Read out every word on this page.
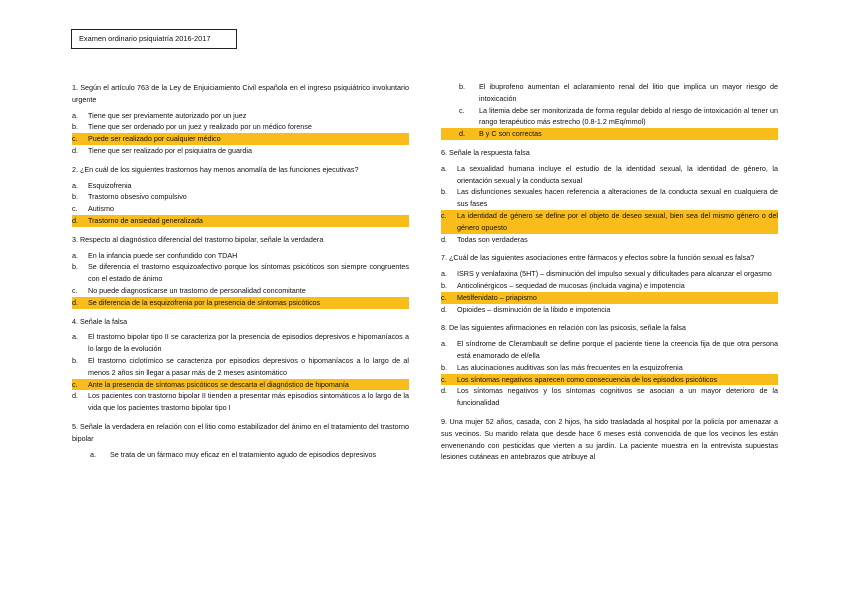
Examen ordinario psiquiatría 2016-2017
1. Según el artículo 763 de la Ley de Enjuiciamiento Civil española en el ingreso psiquiátrico involuntario urgente
a.	Tiene que ser previamente autorizado por un juez
b.	Tiene que ser ordenado por un juez y realizado por un médico forense
c.	Puede ser realizado por cualquier médico
d.	Tiene que ser realizado por el psiquiatra de guardia
2. ¿En cuál de los siguientes trastornos hay menos anomalía de las funciones ejecutivas?
a.	Esquizofrenia
b.	Trastorno obsesivo compulsivo
c.	Autismo
d.	Trastorno de ansiedad generalizada
3. Respecto al diagnóstico diferencial del trastorno bipolar, señale la verdadera
a.	En la infancia puede ser confundido con TDAH
b.	Se diferencia el trastorno esquizoafectivo porque los síntomas psicóticos son siempre congruentes con el estado de ánimo
c.	No puede diagnosticarse un trastorno de personalidad concomitante
d.	Se diferencia de la esquizofrenia por la presencia de síntomas psicóticos
4. Señale la falsa
a.	El trastorno bipolar tipo II se caracteriza por la presencia de episodios depresivos e hipomaníacos a lo largo de la evolución
b.	El trastorno ciclotímico se caracteriza por episodios depresivos o hipomaníacos a lo largo de al menos 2 años sin llegar a pasar más de 2 meses asintomático
c.	Ante la presencia de síntomas psicóticos se descarta el diagnóstico de hipomanía
d.	Los pacientes con trastorno bipolar II tienden a presentar más episodios sintomáticos a lo largo de la vida que los pacientes trastorno bipolar tipo I
5. Señale la verdadera en relación con el litio como estabilizador del ánimo en el tratamiento del trastorno bipolar
a.	Se trata de un fármaco muy eficaz en el tratamiento agudo de episodios depresivos
b.	El ibuprofeno aumentan el aclaramiento renal del litio que implica un mayor riesgo de intoxicación
c.	La litemia debe ser monitorizada de forma regular debido al riesgo de intoxicación al tener un rango terapéutico más estrecho (0.8-1.2 mEq/mmol)
d.	B y C son correctas
6. Señale la respuesta falsa
a.	La sexualidad humana incluye el estudio de la identidad sexual, la identidad de género, la orientación sexual y la conducta sexual
b.	Las disfunciones sexuales hacen referencia a alteraciones de la conducta sexual en cualquiera de sus fases
c.	La identidad de género se define por el objeto de deseo sexual, bien sea del mismo género o del género opuesto
d.	Todas son verdaderas
7. ¿Cuál de las siguientes asociaciones entre fármacos y efectos sobre la función sexual es falsa?
a.	ISRS y venlafaxina (5HT) – disminución del impulso sexual y dificultades para alcanzar el orgasmo
b.	Anticolinérgicos – sequedad de mucosas (incluida vagina) e impotencia
c.	Metilfenidato – priapismo
d.	Opioides – disminución de la libido e impotencia
8. De las siguientes afirmaciones en relación con las psicosis, señale la falsa
a.	El síndrome de Clerambault se define porque el paciente tiene la creencia fija de que otra persona está enamorado de el/ella
b.	Las alucinaciones auditivas son las más frecuentes en la esquizofrenia
c.	Los síntomas negativos aparecen como consecuencia de los episodios psicóticos
d.	Los síntomas negativos y los síntomas cognitivos se asocian a un mayor deterioro de la funcionalidad
9. Una mujer 52 años, casada, con 2 hijos, ha sido trasladada al hospital por la policía por amenazar a sus vecinos. Su marido relata que desde hace 6 meses está convencida de que los vecinos les están envenenando con pesticidas que vierten a su jardín. La paciente muestra en la entrevista supuestas lesiones cutáneas en antebrazos que atribuye al
